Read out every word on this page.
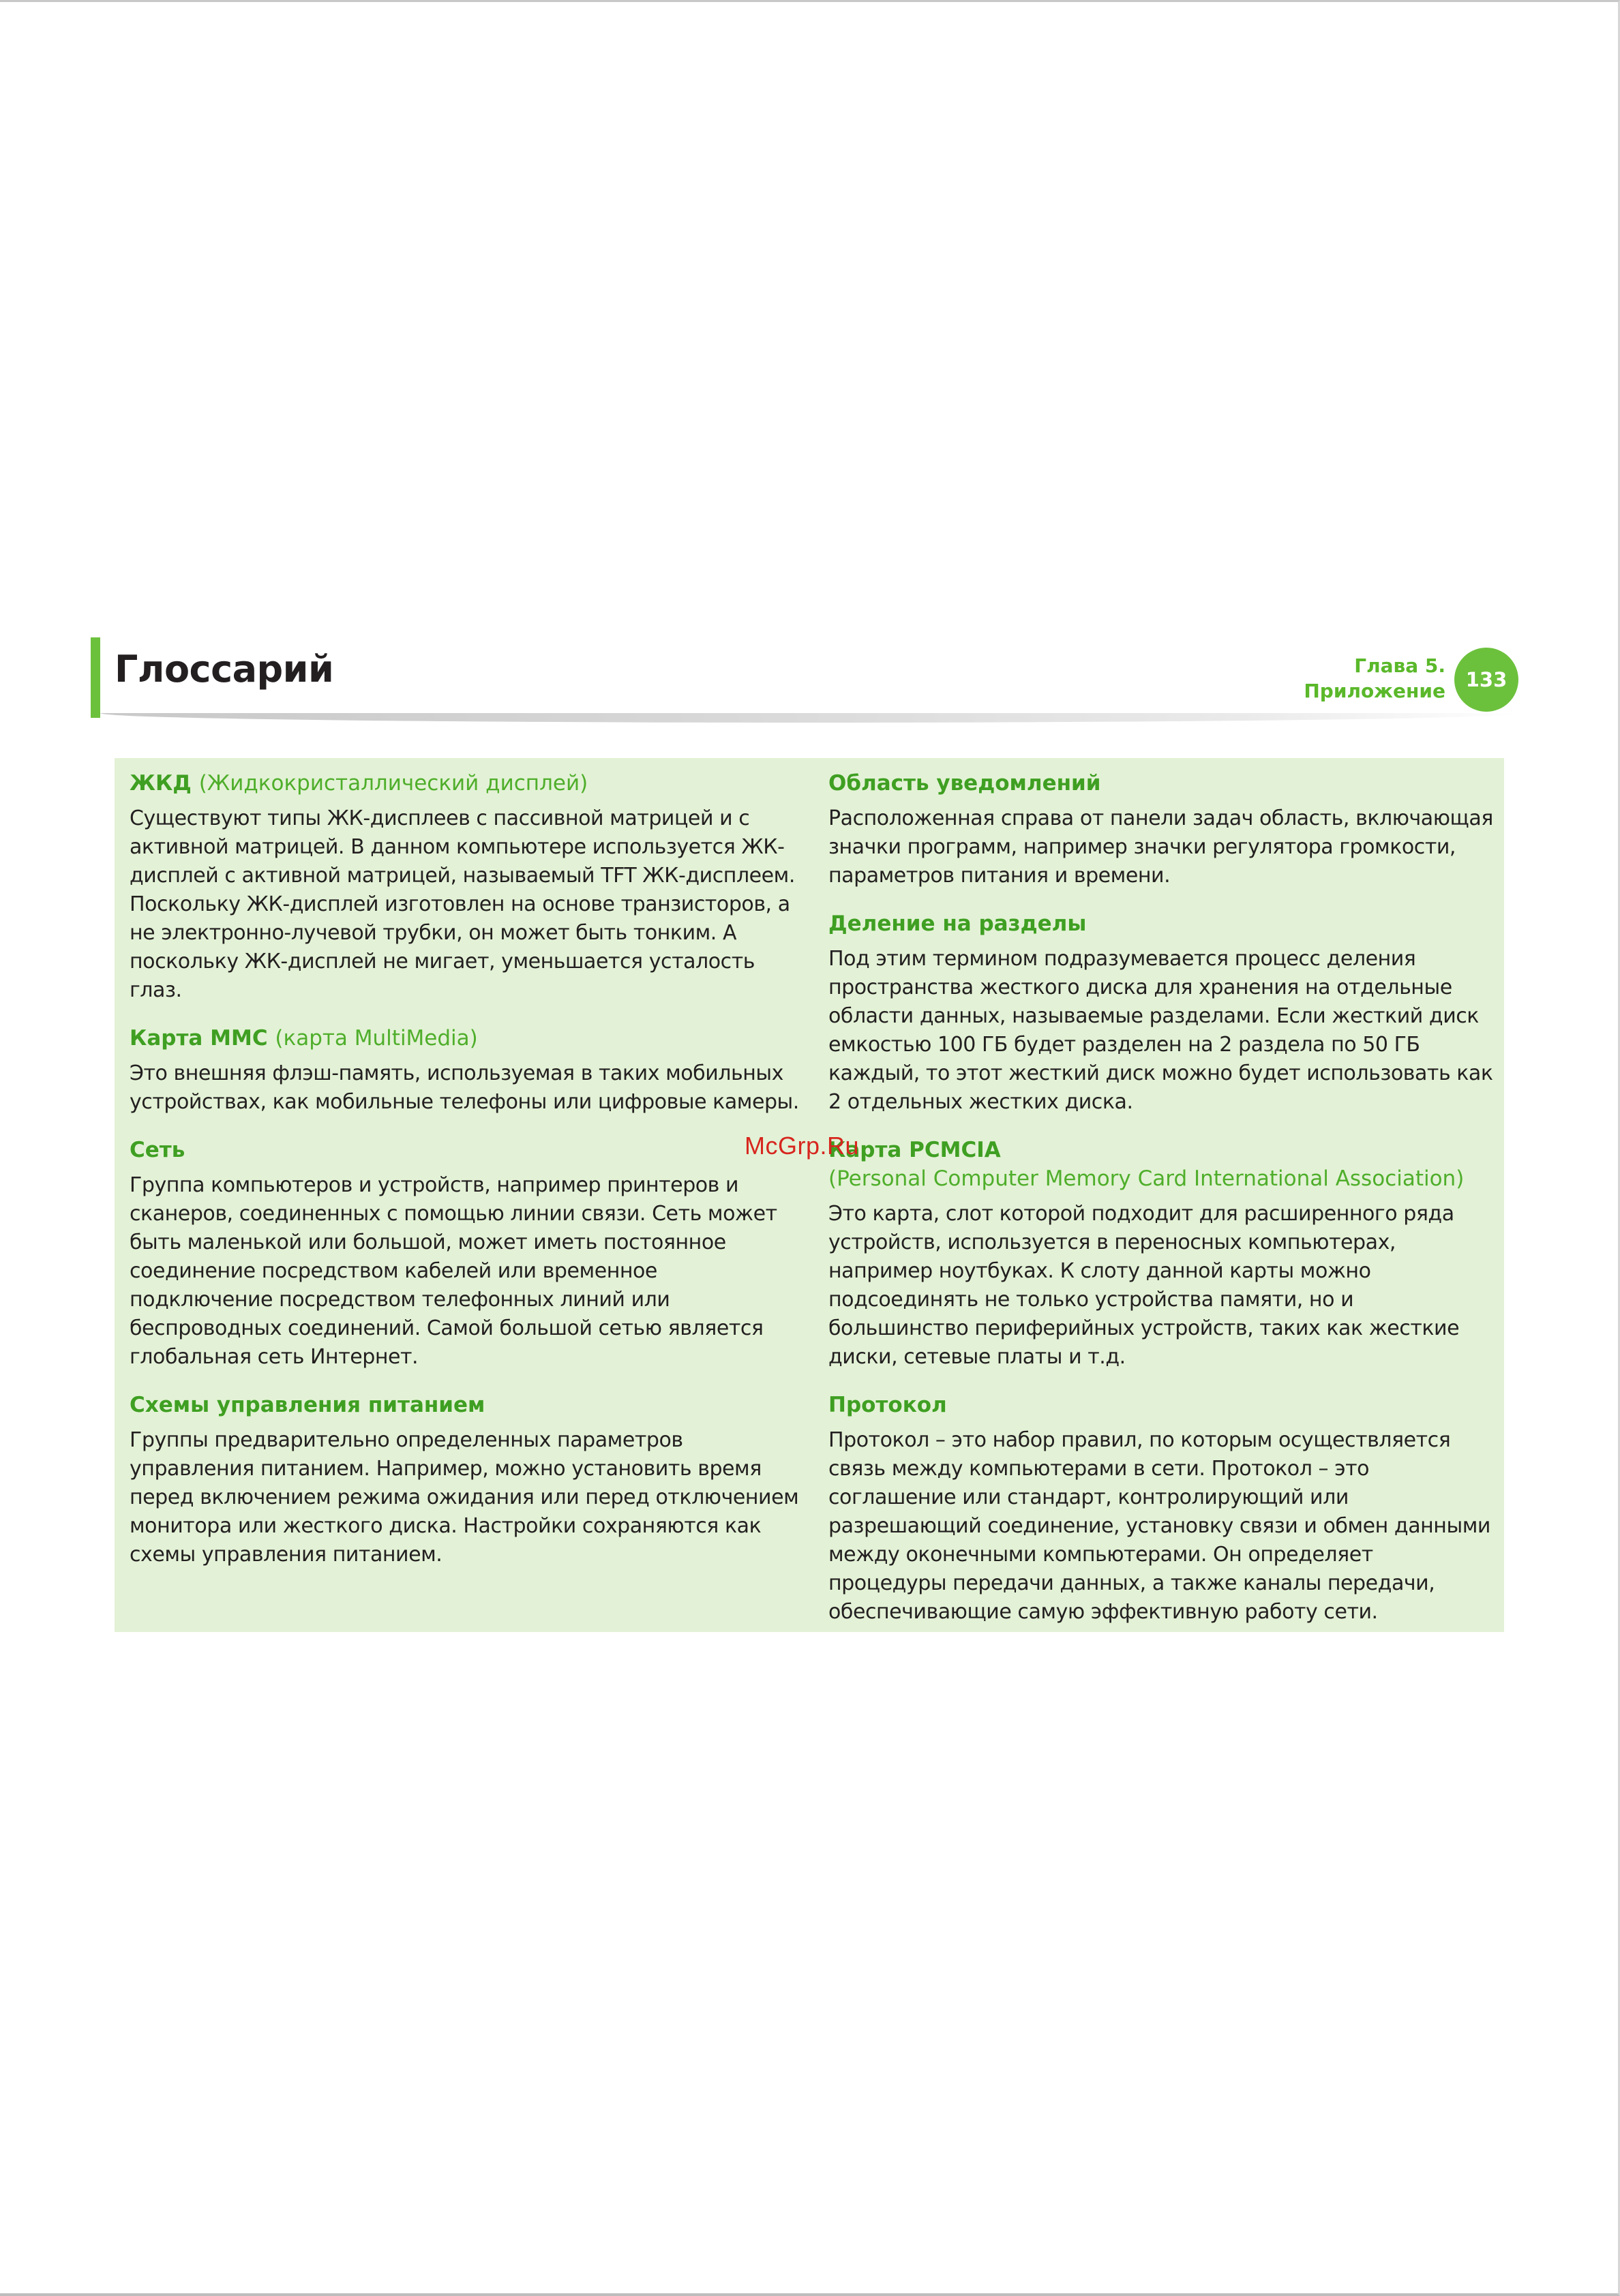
Глоссарий	Глава 5.
Приложение	133

ЖКД (Жидкокристаллический дисплей)

Существуют типы ЖК-дисплеев с пассивной матрицей и с активной матрицей. В данном компьютере используется ЖК-дисплей с активной матрицей, называемый TFT ЖК-дисплеем. Поскольку ЖК-дисплей изготовлен на основе транзисторов, а не электронно-лучевой трубки, он может быть тонким. А поскольку ЖК-дисплей не мигает, уменьшается усталость глаз.

Карта MMC (карта MultiMedia)

Это внешняя флэш-память, используемая в таких мобильных устройствах, как мобильные телефоны или цифровые камеры.

Сеть

Группа компьютеров и устройств, например принтеров и сканеров, соединенных с помощью линии связи. Сеть может быть маленькой или большой, может иметь постоянное соединение посредством кабелей или временное подключение посредством телефонных линий или беспроводных соединений. Самой большой сетью является глобальная сеть Интернет.

Схемы управления питанием

Группы предварительно определенных параметров управления питанием. Например, можно установить время перед включением режима ожидания или перед отключением монитора или жесткого диска. Настройки сохраняются как схемы управления питанием.

Область уведомлений

Расположенная справа от панели задач область, включающая значки программ, например значки регулятора громкости, параметров питания и времени.

Деление на разделы

Под этим термином подразумевается процесс деления пространства жесткого диска для хранения на отдельные области данных, называемые разделами. Если жесткий диск емкостью 100 ГБ будет разделен на 2 раздела по 50 ГБ каждый, то этот жесткий диск можно будет использовать как 2 отдельных жестких диска.

Карта PCMCIA
(Personal Computer Memory Card International Association)

Это карта, слот которой подходит для расширенного ряда устройств, используется в переносных компьютерах, например ноутбуках. К слоту данной карты можно подсоединять не только устройства памяти, но и большинство периферийных устройств, таких как жесткие диски, сетевые платы и т.д.

Протокол

Протокол – это набор правил, по которым осуществляется связь между компьютерами в сети. Протокол – это соглашение или стандарт, контролирующий или разрешающий соединение, установку связи и обмен данными между оконечными компьютерами. Он определяет процедуры передачи данных, а также каналы передачи, обеспечивающие самую эффективную работу сети.

McGrp.Ru
